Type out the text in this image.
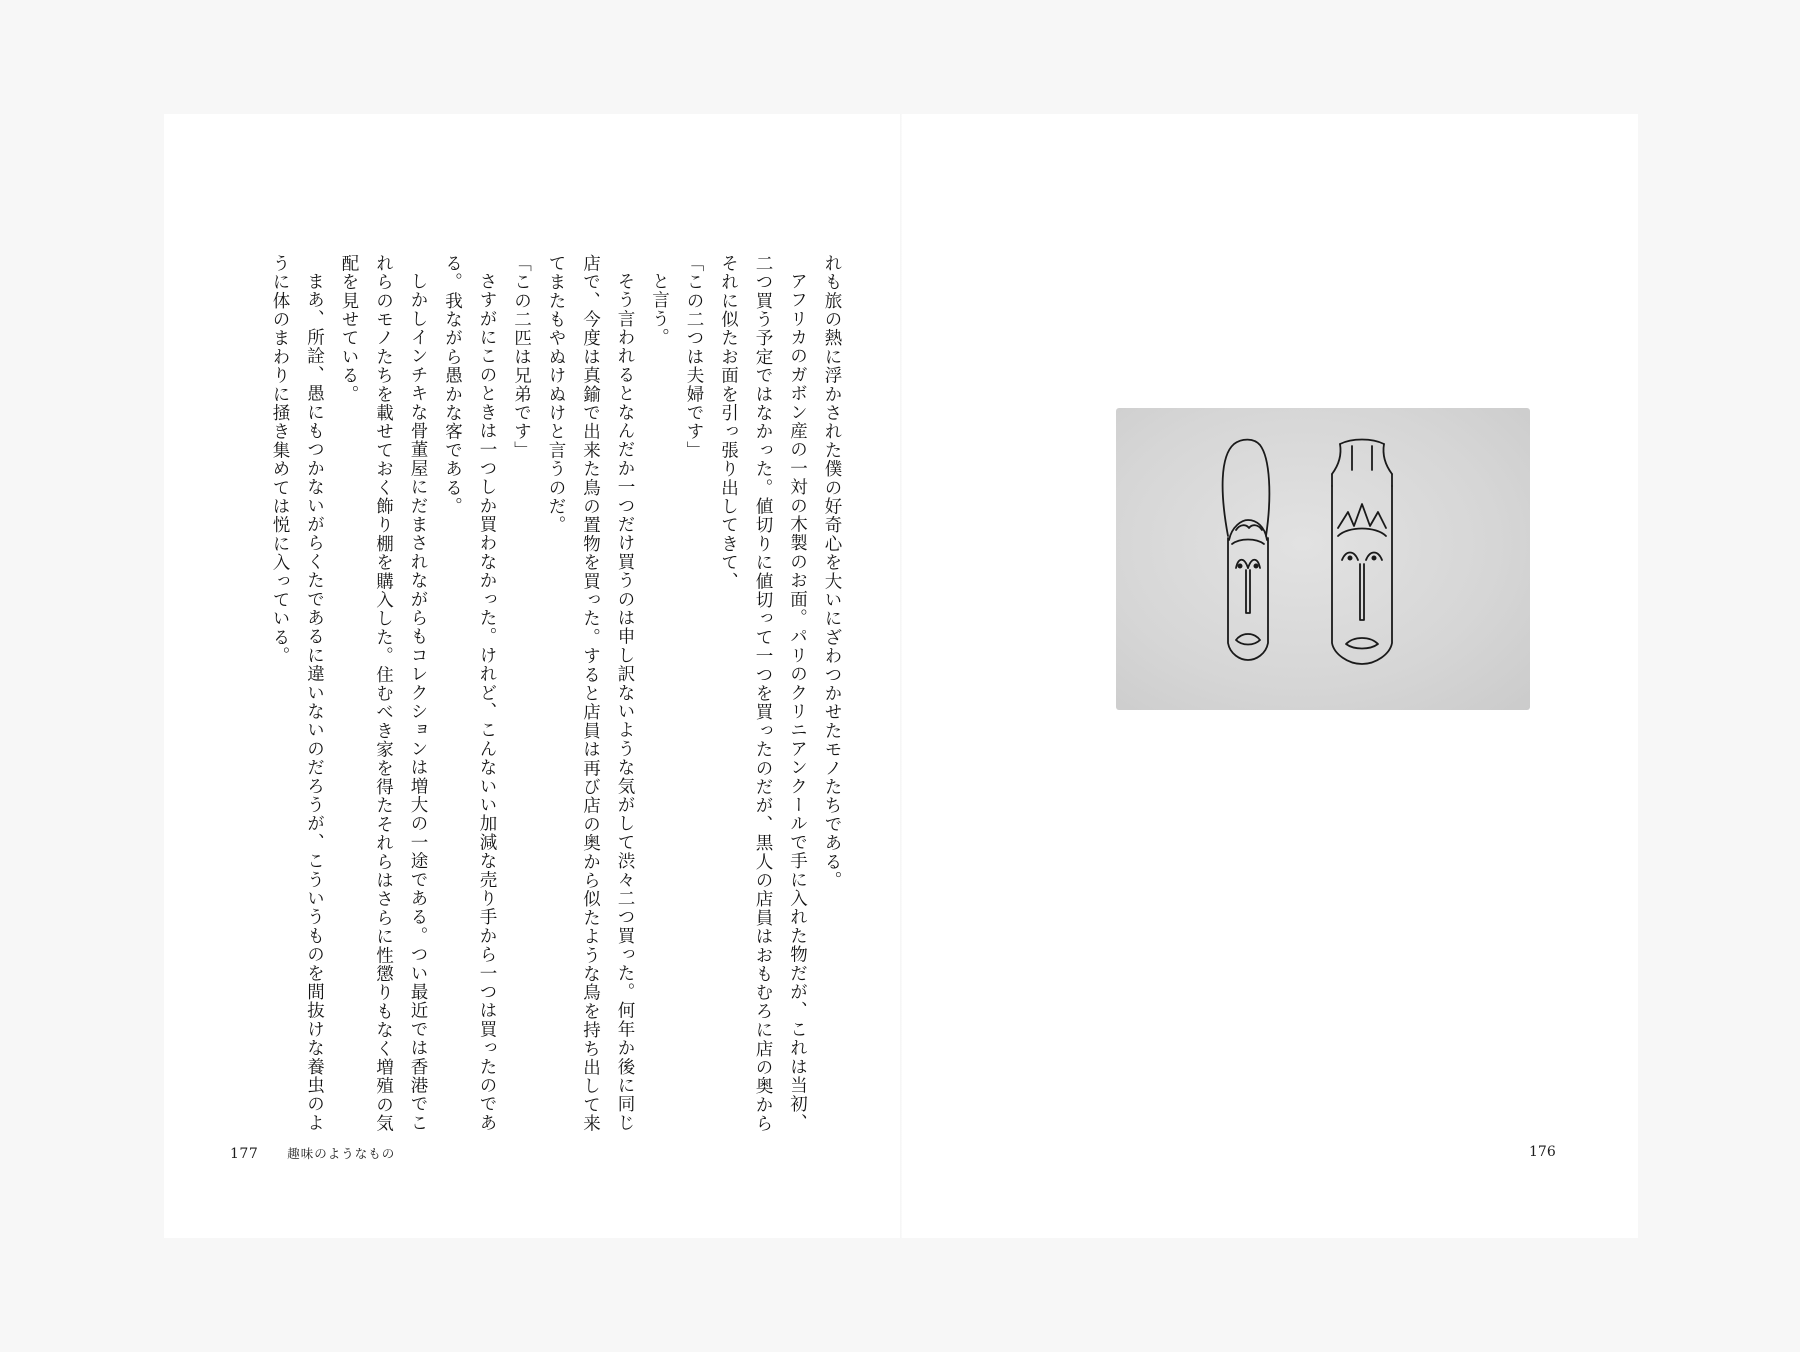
れも旅の熱に浮かされた僕の好奇心を大いにざわつかせたモノたちである。

アフリカのガボン産の一対の木製のお面。パリのクリニアンクールで手に入れた物だが、これは当初、二つ買う予定ではなかった。値切りに値切って一つを買ったのだが、黒人の店員はおもむろに店の奥からそれに似たお面を引っ張り出してきて、

「この二つは夫婦です」

と言う。

そう言われるとなんだか一つだけ買うのは申し訳ないような気がして渋々二つ買った。何年か後に同じ店で、今度は真鍮で出来た鳥の置物を買った。すると店員は再び店の奥から似たような鳥を持ち出して来てまたもやぬけぬけと言うのだ。

「この二匹は兄弟です」

さすがにこのときは一つしか買わなかった。けれど、こんないい加減な売り手から一つは買ったのである。我ながら愚かな客である。

しかしインチキな骨董屋にだまされながらもコレクションは増大の一途である。つい最近では香港でこれらのモノたちを載せておく飾り棚を購入した。住むべき家を得たそれらはさらに性懲りもなく増殖の気配を見せている。

まあ、所詮、愚にもつかないがらくたであるに違いないのだろうが、こういうものを間抜けな養虫のように体のまわりに掻き集めては悦に入っている。

177 趣味のようなもの	176
